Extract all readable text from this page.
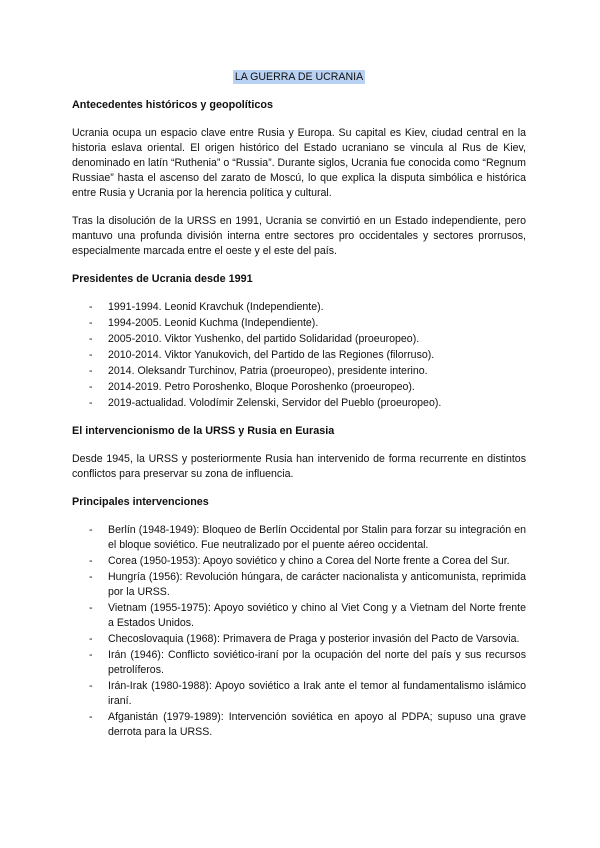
LA GUERRA DE UCRANIA
Antecedentes históricos y geopolíticos

Ucrania ocupa un espacio clave entre Rusia y Europa. Su capital es Kiev, ciudad central en la historia eslava oriental. El origen histórico del Estado ucraniano se vincula al Rus de Kiev, denominado en latín “Ruthenia” o “Russia”. Durante siglos, Ucrania fue conocida como “Regnum Russiae” hasta el ascenso del zarato de Moscú, lo que explica la disputa simbólica e histórica entre Rusia y Ucrania por la herencia política y cultural.

Tras la disolución de la URSS en 1991, Ucrania se convirtió en un Estado independiente, pero mantuvo una profunda división interna entre sectores pro occidentales y sectores prorrusos, especialmente marcada entre el oeste y el este del país.

Presidentes de Ucrania desde 1991
- 1991-1994. Leonid Kravchuk (Independiente).
- 1994-2005. Leonid Kuchma (Independiente).
- 2005-2010. Viktor Yushenko, del partido Solidaridad (proeuropeo).
- 2010-2014. Viktor Yanukovich, del Partido de las Regiones (filorruso).
- 2014. Oleksandr Turchinov, Patria (proeuropeo), presidente interino.
- 2014-2019. Petro Poroshenko, Bloque Poroshenko (proeuropeo).
- 2019-actualidad. Volodímir Zelenski, Servidor del Pueblo (proeuropeo).
El intervencionismo de la URSS y Rusia en Eurasia

Desde 1945, la URSS y posteriormente Rusia han intervenido de forma recurrente en distintos conflictos para preservar su zona de influencia.

Principales intervenciones
- Berlín (1948-1949): Bloqueo de Berlín Occidental por Stalin para forzar su integración en el bloque soviético. Fue neutralizado por el puente aéreo occidental.
- Corea (1950-1953): Apoyo soviético y chino a Corea del Norte frente a Corea del Sur.
- Hungría (1956): Revolución húngara, de carácter nacionalista y anticomunista, reprimida por la URSS.
- Vietnam (1955-1975): Apoyo soviético y chino al Viet Cong y a Vietnam del Norte frente a Estados Unidos.
- Checoslovaquia (1968): Primavera de Praga y posterior invasión del Pacto de Varsovia.
- Irán (1946): Conflicto soviético-iraní por la ocupación del norte del país y sus recursos petrolíferos.
- Irán-Irak (1980-1988): Apoyo soviético a Irak ante el temor al fundamentalismo islámico iraní.
- Afganistán (1979-1989): Intervención soviética en apoyo al PDPA; supuso una grave derrota para la URSS.
